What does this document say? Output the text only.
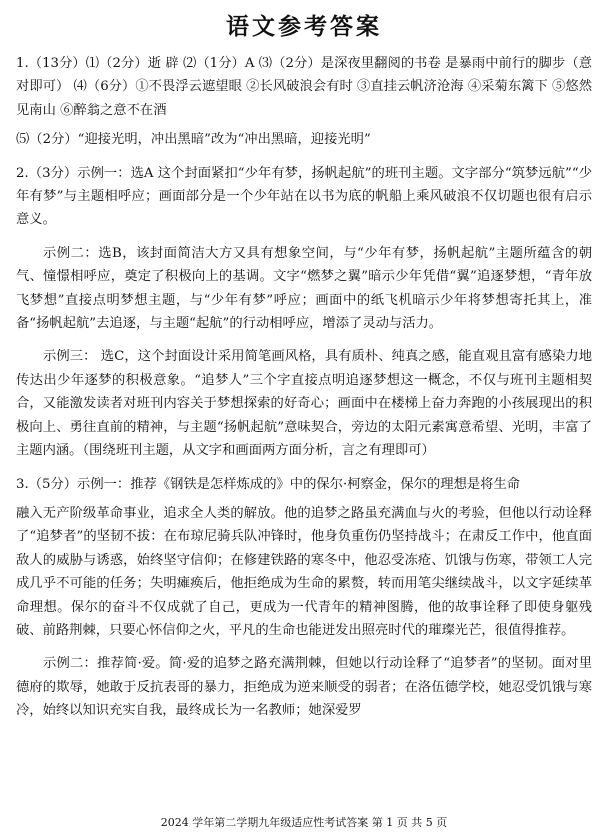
语文参考答案

1.（13分）⑴（2分）逝 辟 ⑵（1分）A ⑶（2分）是深夜里翻阅的书卷 是暴雨中前行的脚步（意对即可） ⑷（6分）①不畏浮云遮望眼 ②长风破浪会有时 ③直挂云帆济沧海 ④采菊东篱下 ⑤悠然见南山 ⑥醉翁之意不在酒

⑸（2分）“迎接光明，冲出黑暗”改为“冲出黑暗，迎接光明”

2.（3分）示例一：选A 这个封面紧扣“少年有梦，扬帆起航”的班刊主题。文字部分“筑梦远航”“少年有梦”与主题相呼应；画面部分是一个少年站在以书为底的帆船上乘风破浪不仅切题也很有启示意义。

示例二：选B，该封面简洁大方又具有想象空间，与“少年有梦，扬帆起航”主题所蕴含的朝气、憧憬相呼应，奠定了积极向上的基调。文字“燃梦之翼”暗示少年凭借“翼”追逐梦想，“青年放飞梦想”直接点明梦想主题，与“少年有梦”呼应；画面中的纸飞机暗示少年将梦想寄托其上，准备“扬帆起航”去追逐，与主题“起航”的行动相呼应，增添了灵动与活力。

示例三： 选C，这个封面设计采用简笔画风格，具有质朴、纯真之感，能直观且富有感染力地传达出少年逐梦的积极意象。“追梦人”三个字直接点明追逐梦想这一概念，不仅与班刊主题相契合，又能激发读者对班刊内容关于梦想探索的好奇心；画面中在楼梯上奋力奔跑的小孩展现出的积极向上、勇往直前的精神，与主题“扬帆起航”意味契合，旁边的太阳元素寓意希望、光明，丰富了主题内涵。（围绕班刊主题，从文字和画面两方面分析，言之有理即可）

3.（5分）示例一：推荐《钢铁是怎样炼成的》中的保尔·柯察金，保尔的理想是将生命

融入无产阶级革命事业，追求全人类的解放。他的追梦之路虽充满血与火的考验，但他以行动诠释了“追梦者”的坚韧不拔：在布琼尼骑兵队冲锋时，他身负重伤仍坚持战斗；在肃反工作中，他直面敌人的威胁与诱惑，始终坚守信仰；在修建铁路的寒冬中，他忍受冻疮、饥饿与伤寒，带领工人完成几乎不可能的任务；失明瘫痪后，他拒绝成为生命的累赘，转而用笔尖继续战斗，以文字延续革命理想。保尔的奋斗不仅成就了自己，更成为一代青年的精神图腾，他的故事诠释了即使身躯残破、前路荆棘，只要心怀信仰之火，平凡的生命也能迸发出照亮时代的璀璨光芒，很值得推荐。

示例二：推荐简·爱。简·爱的追梦之路充满荆棘，但她以行动诠释了“追梦者”的坚韧。面对里德府的欺辱，她敢于反抗表哥的暴力，拒绝成为逆来顺受的弱者；在洛伍德学校，她忍受饥饿与寒冷，始终以知识充实自我，最终成长为一名教师；她深爱罗

2024 学年第二学期九年级适应性考试答案 第 1 页 共 5 页
